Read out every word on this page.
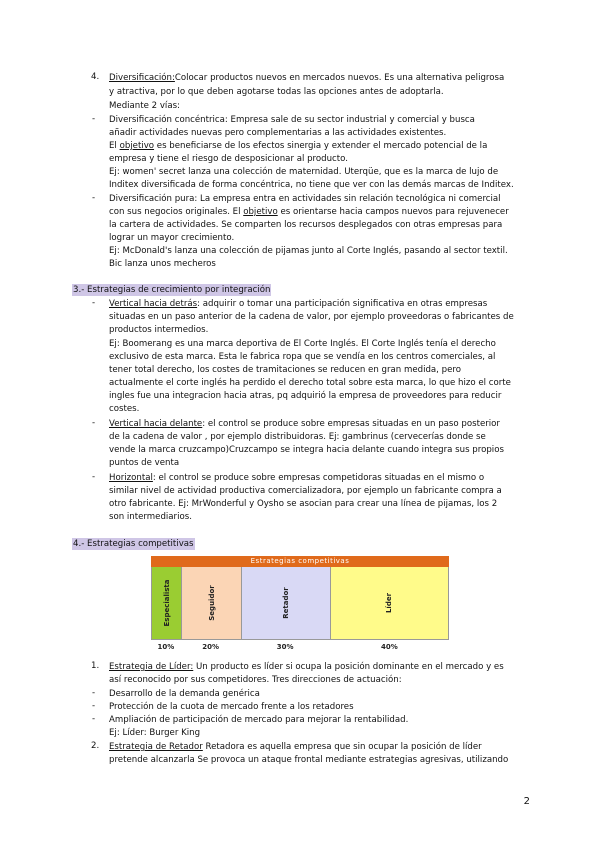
4. Diversificación:Colocar productos nuevos en mercados nuevos. Es una alternativa peligrosa
y atractiva, por lo que deben agotarse todas las opciones antes de adoptarla.
Mediante 2 vías:
- Diversificación concéntrica: Empresa sale de su sector industrial y comercial y busca
añadir actividades nuevas pero complementarias a las actividades existentes.
El objetivo es beneficiarse de los efectos sinergia y extender el mercado potencial de la
empresa y tiene el riesgo de desposicionar al producto.
Ej: women' secret lanza una colección de maternidad. Uterqüe, que es la marca de lujo de
Inditex diversificada de forma concéntrica, no tiene que ver con las demás marcas de Inditex.
- Diversificación pura: La empresa entra en actividades sin relación tecnológica ni comercial
con sus negocios originales. El objetivo es orientarse hacia campos nuevos para rejuvenecer
la cartera de actividades. Se comparten los recursos desplegados con otras empresas para
lograr un mayor crecimiento.
Ej: McDonald's lanza una colección de pijamas junto al Corte Inglés, pasando al sector textil.
Bic lanza unos mecheros
3.- Estrategias de crecimiento por integración
- Vertical hacia detrás: adquirir o tomar una participación significativa en otras empresas
situadas en un paso anterior de la cadena de valor, por ejemplo proveedoras o fabricantes de
productos intermedios.
Ej: Boomerang es una marca deportiva de El Corte Inglés. El Corte Inglés tenía el derecho
exclusivo de esta marca. Esta le fabrica ropa que se vendía en los centros comerciales, al
tener total derecho, los costes de tramitaciones se reducen en gran medida, pero
actualmente el corte inglés ha perdido el derecho total sobre esta marca, lo que hizo el corte
ingles fue una integracion hacia atras, pq adquirió la empresa de proveedores para reducir
costes.
- Vertical hacia delante: el control se produce sobre empresas situadas en un paso posterior
de la cadena de valor , por ejemplo distribuidoras. Ej: gambrinus (cervecerías donde se
vende la marca cruzcampo)Cruzcampo se integra hacia delante cuando integra sus propios
puntos de venta
- Horizontal: el control se produce sobre empresas competidoras situadas en el mismo o
similar nivel de actividad productiva comercializadora, por ejemplo un fabricante compra a
otro fabricante. Ej: MrWonderful y Oysho se asocian para crear una línea de pijamas, los 2
son intermediarios.
4.- Estrategias competitivas
Estrategias competitivas
Especialista	Seguidor	Retador	Líder
10%	20%	30%	40%
1. Estrategia de Líder: Un producto es líder si ocupa la posición dominante en el mercado y es
así reconocido por sus competidores. Tres direcciones de actuación:
- Desarrollo de la demanda genérica
- Protección de la cuota de mercado frente a los retadores
- Ampliación de participación de mercado para mejorar la rentabilidad.
Ej: Líder: Burger King
2. Estrategia de Retador Retadora es aquella empresa que sin ocupar la posición de líder
pretende alcanzarla Se provoca un ataque frontal mediante estrategias agresivas, utilizando
2
